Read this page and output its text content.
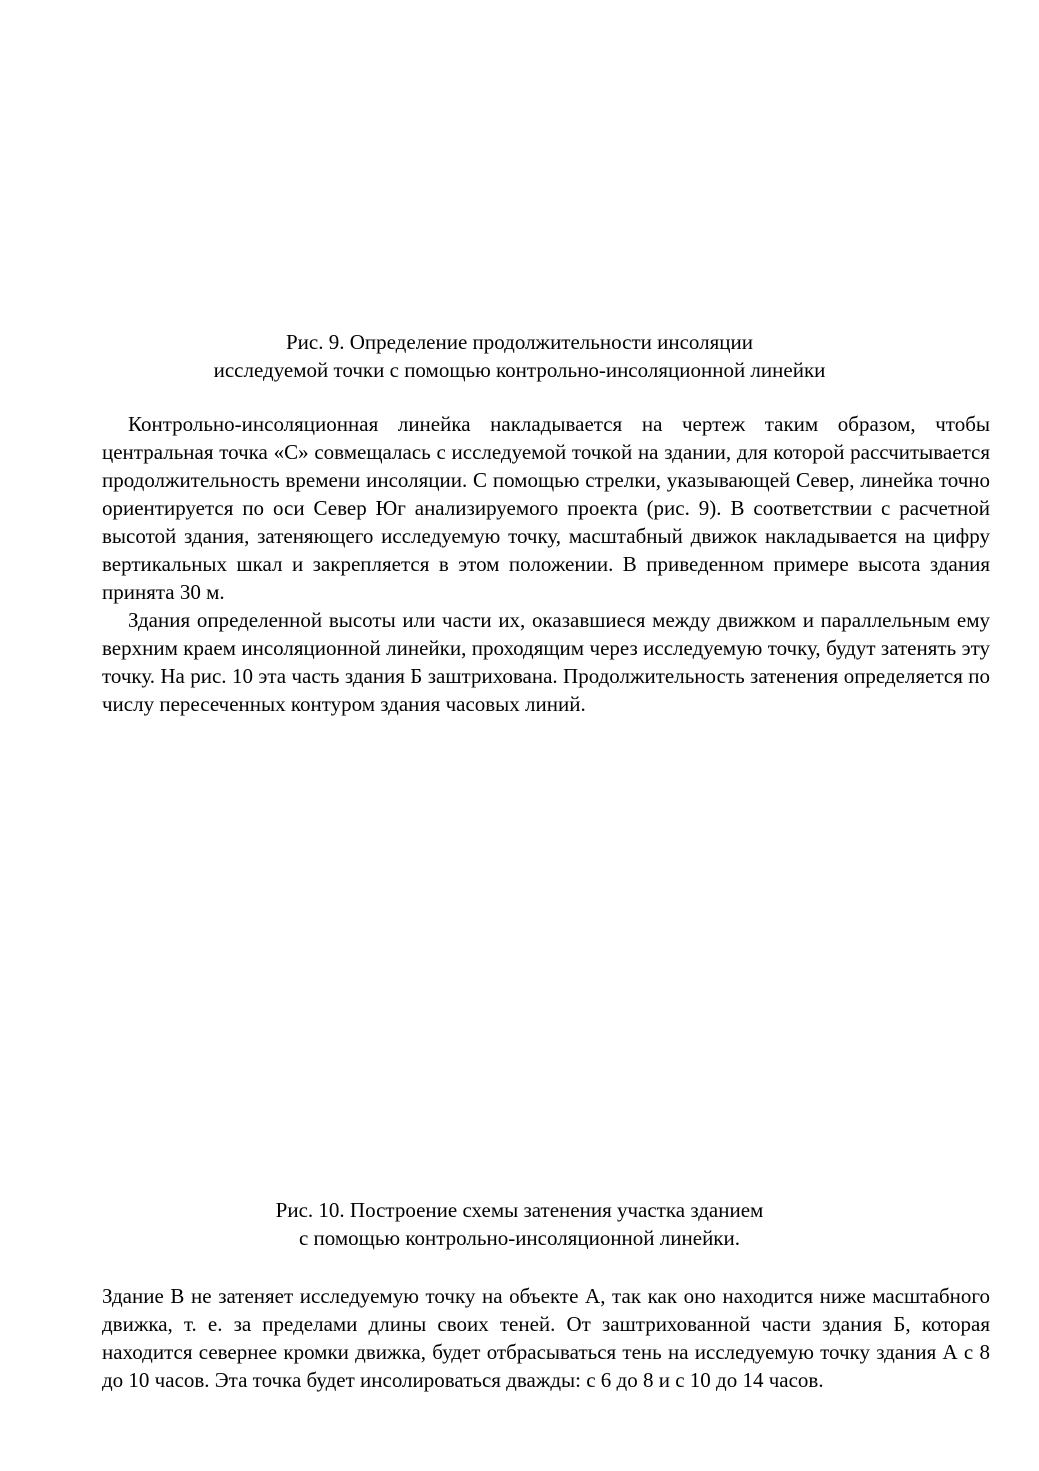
Рис. 9. Определение продолжительности инсоляции
исследуемой точки с помощью контрольно-инсоляционной линейки

Контрольно-инсоляционная линейка накладывается на чертеж таким образом, чтобы центральная точка «С» совмещалась с исследуемой точкой на здании, для которой рассчитывается продолжительность времени инсоляции. С помощью стрелки, указывающей Север, линейка точно ориентируется по оси Север Юг анализируемого проекта (рис. 9). В соответствии с расчетной высотой здания, затеняющего исследуемую точку, масштабный движок накладывается на цифру вертикальных шкал и закрепляется в этом положении. В приведенном примере высота здания принята 30 м.

Здания определенной высоты или части их, оказавшиеся между движком и параллельным ему верхним краем инсоляционной линейки, проходящим через исследуемую точку, будут затенять эту точку. На рис. 10 эта часть здания Б заштрихована. Продолжительность затенения определяется по числу пересеченных контуром здания часовых линий.

Рис. 10. Построение схемы затенения участка зданием
с помощью контрольно-инсоляционной линейки.

Здание В не затеняет исследуемую точку на объекте А, так как оно находится ниже масштабного движка, т. е. за пределами длины своих теней. От заштрихованной части здания Б, которая находится севернее кромки движка, будет отбрасываться тень на исследуемую точку здания А с 8 до 10 часов. Эта точка будет инсолироваться дважды: с 6 до 8 и с 10 до 14 часов.
